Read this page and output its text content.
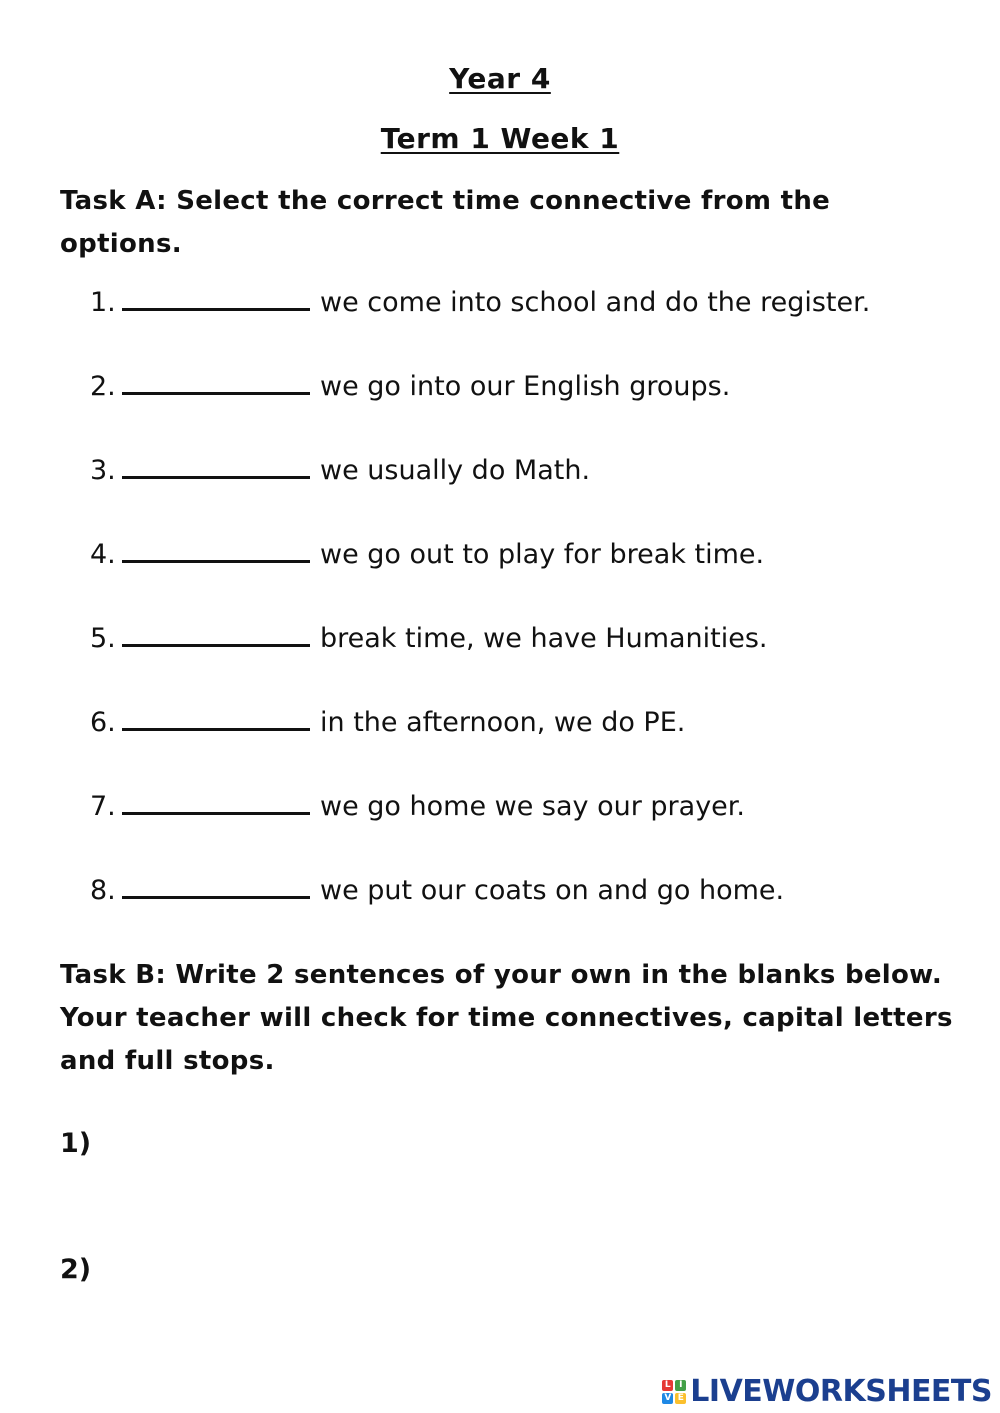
Year 4
Term 1 Week 1
Task A: Select the correct time connective from the options.
1.	we come into school and do the register.
2.	we go into our English groups.
3.	we usually do Math.
4.	we go out to play for break time.
5.	break time, we have Humanities.
6.	in the afternoon, we do PE.
7.	we go home we say our prayer.
8.	we put our coats on and go home.
Task B: Write 2 sentences of your own in the blanks below. Your teacher will check for time connectives, capital letters and full stops.
1)
2)
L I
V E LIVEWORKSHEETS
